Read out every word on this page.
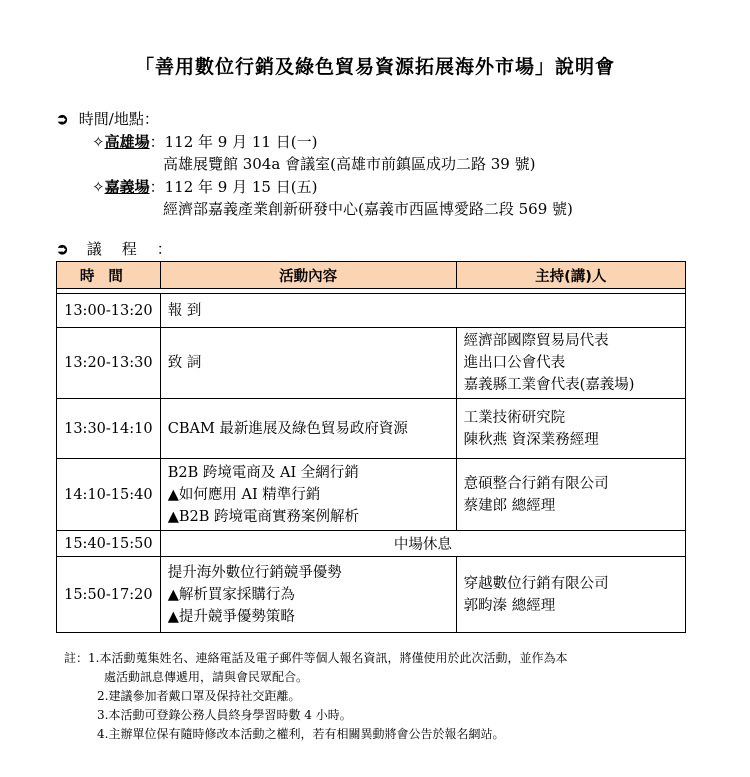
「善用數位行銷及綠色貿易資源拓展海外市場」說明會
➲ 時間/地點：
✧高雄場：112 年 9 月 11 日(一)
高雄展覽館 304a 會議室(高雄市前鎮區成功二路 39 號)
✧嘉義場：112 年 9 月 15 日(五)
經濟部嘉義產業創新研發中心(嘉義市西區博愛路二段 569 號)
➲ 議程：
時間	活動內容	主持(講)人

13:00-13:20	報 到	

13:20-13:30	致 詞	經濟部國際貿易局代表
進出口公會代表
嘉義縣工業會代表(嘉義場)

13:30-14:10	CBAM 最新進展及綠色貿易政府資源	工業技術研究院
陳秋燕 資深業務經理

14:10-15:40	B2B 跨境電商及 AI 全網行銷
▲如何應用 AI 精準行銷
▲B2B 跨境電商實務案例解析	意碩整合行銷有限公司
蔡建郎 總經理

15:40-15:50	中場休息	
15:50-17:20	提升海外數位行銷競爭優勢
▲解析買家採購行為
▲提升競爭優勢策略	穿越數位行銷有限公司
郭畇溱 總經理
註：1.本活動蒐集姓名、連絡電話及電子郵件等個人報名資訊，將僅使用於此次活動，並作為本
處活動訊息傳遞用，請與會民眾配合。
2.建議參加者戴口罩及保持社交距離。
3.本活動可登錄公務人員終身學習時數 4 小時。
4.主辦單位保有隨時修改本活動之權利，若有相關異動將會公告於報名網站。
